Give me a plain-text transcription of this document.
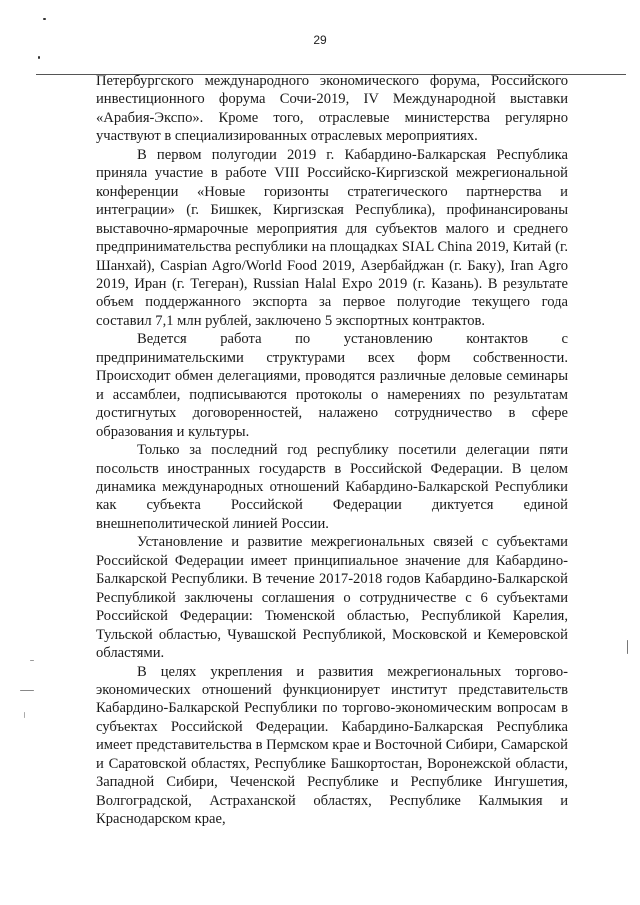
29

Петербургского международного экономического форума, Российского инвестиционного форума Сочи-2019, IV Международной выставки «Арабия-Экспо». Кроме того, отраслевые министерства регулярно участвуют в специализированных отраслевых мероприятиях.

В первом полугодии 2019 г. Кабардино-Балкарская Республика приняла участие в работе VIII Российско-Киргизской межрегиональной конференции «Новые горизонты стратегического партнерства и интеграции» (г. Бишкек, Киргизская Республика), профинансированы выставочно-ярмарочные мероприятия для субъектов малого и среднего предпринимательства республики на площадках SIAL China 2019, Китай (г. Шанхай), Caspian Agro/World Food 2019, Азербайджан (г. Баку), Iran Agro 2019, Иран (г. Тегеран), Russian Halal Expo 2019 (г. Казань). В результате объем поддержанного экспорта за первое полугодие текущего года составил 7,1 млн рублей, заключено 5 экспортных контрактов.

Ведется работа по установлению контактов с предпринимательскими структурами всех форм собственности. Происходит обмен делегациями, проводятся различные деловые семинары и ассамблеи, подписываются протоколы о намерениях по результатам достигнутых договоренностей, налажено сотрудничество в сфере образования и культуры.

Только за последний год республику посетили делегации пяти посольств иностранных государств в Российской Федерации. В целом динамика международных отношений Кабардино-Балкарской Республики как субъекта Российской Федерации диктуется единой внешнеполитической линией России.

Установление и развитие межрегиональных связей с субъектами Российской Федерации имеет принципиальное значение для Кабардино-Балкарской Республики. В течение 2017-2018 годов Кабардино-Балкарской Республикой заключены соглашения о сотрудничестве с 6 субъектами Российской Федерации: Тюменской областью, Республикой Карелия, Тульской областью, Чувашской Республикой, Московской и Кемеровской областями.

В целях укрепления и развития межрегиональных торгово-экономических отношений функционирует институт представительств Кабардино-Балкарской Республики по торгово-экономическим вопросам в субъектах Российской Федерации. Кабардино-Балкарская Республика имеет представительства в Пермском крае и Восточной Сибири, Самарской и Саратовской областях, Республике Башкортостан, Воронежской области, Западной Сибири, Чеченской Республике и Республике Ингушетия, Волгоградской, Астраханской областях, Республике Калмыкия и Краснодарском крае,
